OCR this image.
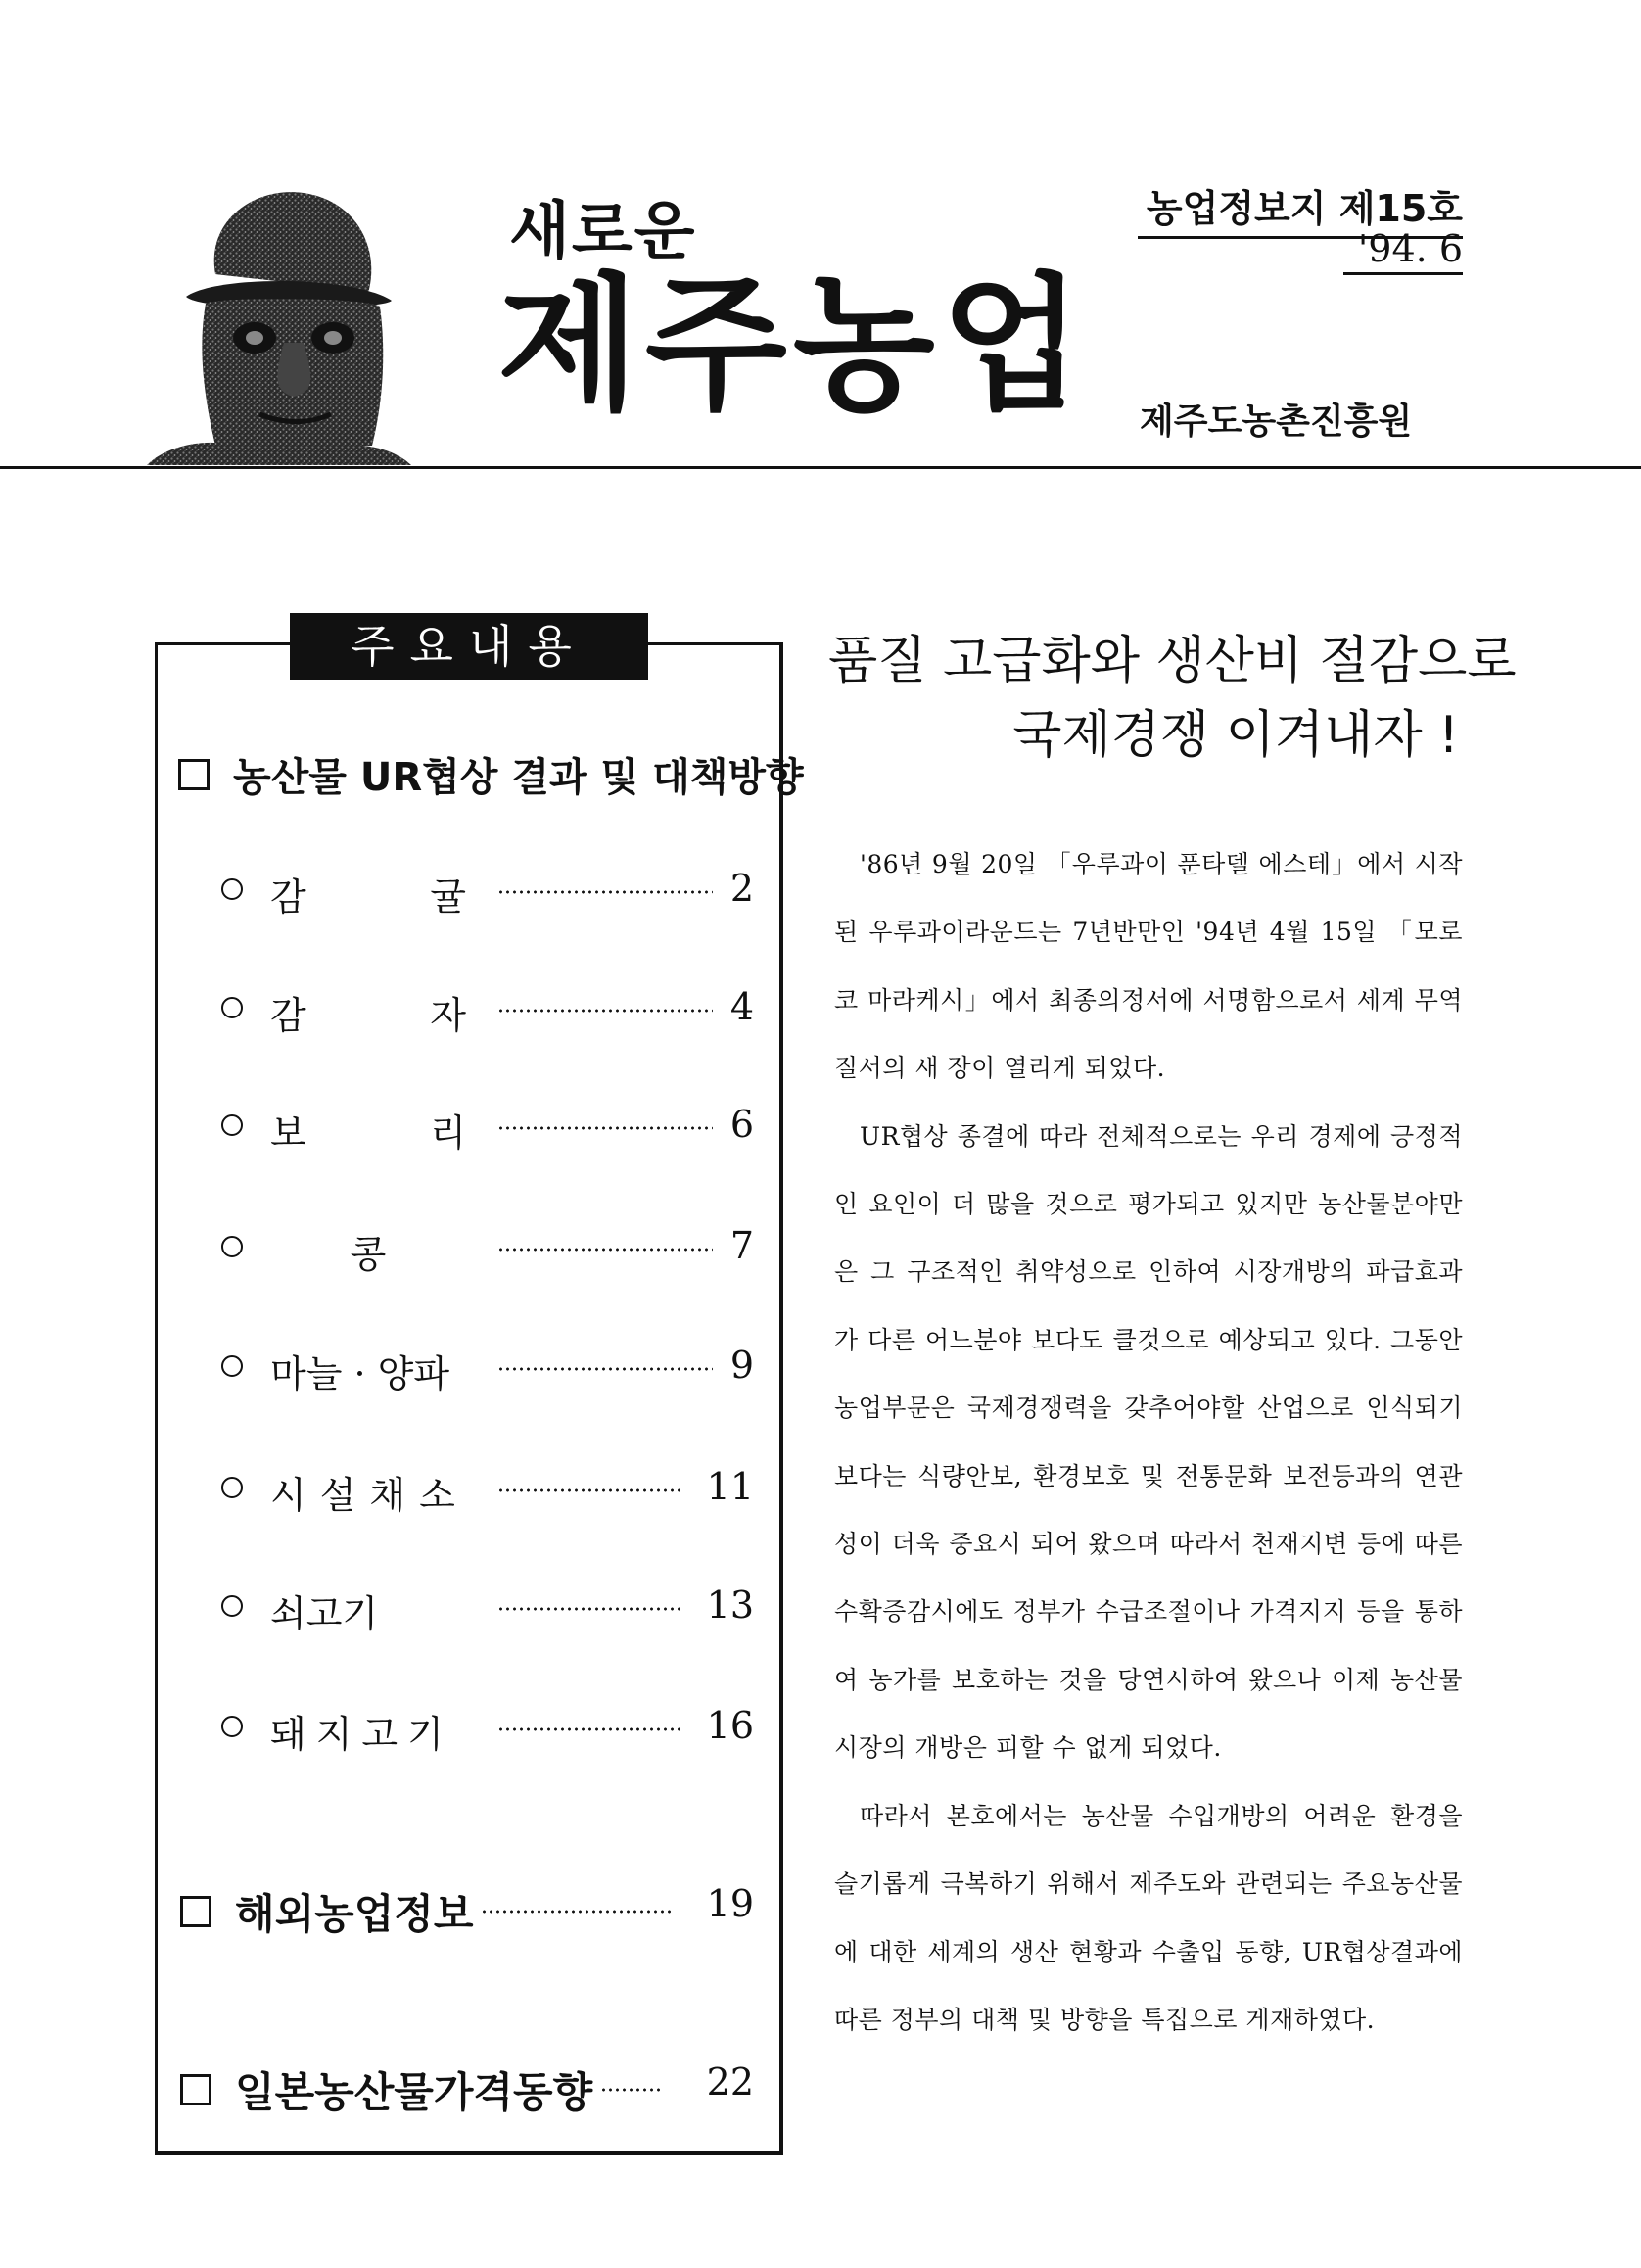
새로운
제주농업
농업정보지 제15호
'94. 6
제주도농촌진흥원
주요내용
농산물 UR협상 결과 및 대책방향
감 귤	2
감 자	4
보 리	6
콩	7
마늘 · 양파	9
시설채소	11
쇠고기	13
돼지고기	16
해외농업정보	19
일본농산물가격동향	22
품질 고급화와 생산비 절감으로
국제경쟁 이겨내자 !

'86년 9월 20일 「우루과이 푼타델 에스테」에서 시작된 우루과이라운드는 7년반만인 '94년 4월 15일 「모로코 마라케시」에서 최종의정서에 서명함으로서 세계 무역질서의 새 장이 열리게 되었다.

UR협상 종결에 따라 전체적으로는 우리 경제에 긍정적인 요인이 더 많을 것으로 평가되고 있지만 농산물분야만은 그 구조적인 취약성으로 인하여 시장개방의 파급효과가 다른 어느분야 보다도 클것으로 예상되고 있다. 그동안 농업부문은 국제경쟁력을 갖추어야할 산업으로 인식되기 보다는 식량안보, 환경보호 및 전통문화 보전등과의 연관성이 더욱 중요시 되어 왔으며 따라서 천재지변 등에 따른 수확증감시에도 정부가 수급조절이나 가격지지 등을 통하여 농가를 보호하는 것을 당연시하여 왔으나 이제 농산물 시장의 개방은 피할 수 없게 되었다.

따라서 본호에서는 농산물 수입개방의 어려운 환경을 슬기롭게 극복하기 위해서 제주도와 관련되는 주요농산물에 대한 세계의 생산 현황과 수출입 동향, UR협상결과에 따른 정부의 대책 및 방향을 특집으로 게재하였다.
